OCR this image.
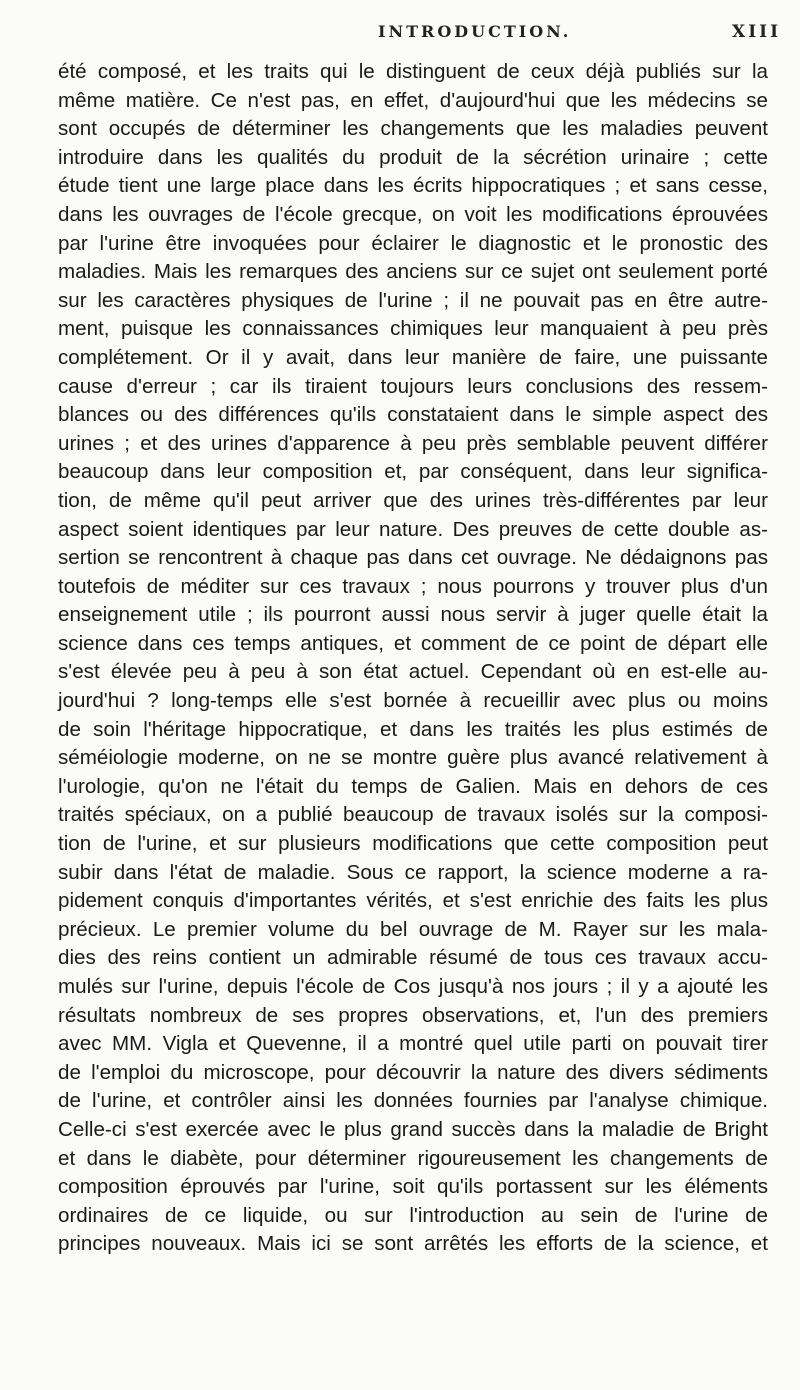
INTRODUCTION.	XIII
été composé, et les traits qui le distinguent de ceux déjà publiés sur la
même matière. Ce n'est pas, en effet, d'aujourd'hui que les médecins se
sont occupés de déterminer les changements que les maladies peuvent
introduire dans les qualités du produit de la sécrétion urinaire ; cette
étude tient une large place dans les écrits hippocratiques ; et sans cesse,
dans les ouvrages de l'école grecque, on voit les modifications éprouvées
par l'urine être invoquées pour éclairer le diagnostic et le pronostic des
maladies. Mais les remarques des anciens sur ce sujet ont seulement porté
sur les caractères physiques de l'urine ; il ne pouvait pas en être autre-
ment, puisque les connaissances chimiques leur manquaient à peu près
complétement. Or il y avait, dans leur manière de faire, une puissante
cause d'erreur ; car ils tiraient toujours leurs conclusions des ressem-
blances ou des différences qu'ils constataient dans le simple aspect des
urines ; et des urines d'apparence à peu près semblable peuvent différer
beaucoup dans leur composition et, par conséquent, dans leur significa-
tion, de même qu'il peut arriver que des urines très-différentes par leur
aspect soient identiques par leur nature. Des preuves de cette double as-
sertion se rencontrent à chaque pas dans cet ouvrage. Ne dédaignons pas
toutefois de méditer sur ces travaux ; nous pourrons y trouver plus d'un
enseignement utile ; ils pourront aussi nous servir à juger quelle était la
science dans ces temps antiques, et comment de ce point de départ elle
s'est élevée peu à peu à son état actuel. Cependant où en est-elle au-
jourd'hui ? long-temps elle s'est bornée à recueillir avec plus ou moins
de soin l'héritage hippocratique, et dans les traités les plus estimés de
séméiologie moderne, on ne se montre guère plus avancé relativement à
l'urologie, qu'on ne l'était du temps de Galien. Mais en dehors de ces
traités spéciaux, on a publié beaucoup de travaux isolés sur la composi-
tion de l'urine, et sur plusieurs modifications que cette composition peut
subir dans l'état de maladie. Sous ce rapport, la science moderne a ra-
pidement conquis d'importantes vérités, et s'est enrichie des faits les plus
précieux. Le premier volume du bel ouvrage de M. Rayer sur les mala-
dies des reins contient un admirable résumé de tous ces travaux accu-
mulés sur l'urine, depuis l'école de Cos jusqu'à nos jours ; il y a ajouté les
résultats nombreux de ses propres observations, et, l'un des premiers
avec MM. Vigla et Quevenne, il a montré quel utile parti on pouvait tirer
de l'emploi du microscope, pour découvrir la nature des divers sédiments
de l'urine, et contrôler ainsi les données fournies par l'analyse chimique.
Celle-ci s'est exercée avec le plus grand succès dans la maladie de Bright
et dans le diabète, pour déterminer rigoureusement les changements de
composition éprouvés par l'urine, soit qu'ils portassent sur les éléments
ordinaires de ce liquide, ou sur l'introduction au sein de l'urine de
principes nouveaux. Mais ici se sont arrêtés les efforts de la science, et
